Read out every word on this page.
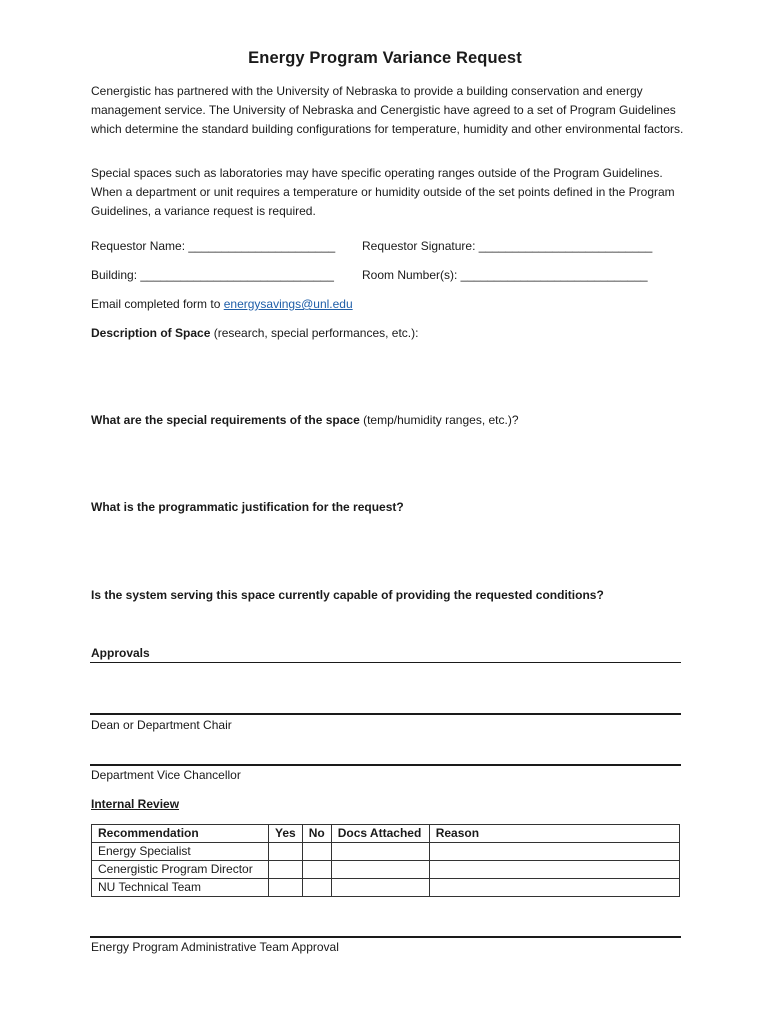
Energy Program Variance Request

Cenergistic has partnered with the University of Nebraska to provide a building conservation and energy management service. The University of Nebraska and Cenergistic have agreed to a set of Program Guidelines which determine the standard building configurations for temperature, humidity and other environmental factors.

Special spaces such as laboratories may have specific operating ranges outside of the Program Guidelines. When a department or unit requires a temperature or humidity outside of the set points defined in the Program Guidelines, a variance request is required.

Requestor Name: ______________________ Requestor Signature: __________________________
Building: _____________________________ Room Number(s): ____________________________
Email completed form to energysavings@unl.edu
Description of Space (research, special performances, etc.):
What are the special requirements of the space (temp/humidity ranges, etc.)?
What is the programmatic justification for the request?
Is the system serving this space currently capable of providing the requested conditions?
Approvals
Dean or Department Chair
Department Vice Chancellor
Internal Review
Recommendation	Yes	No	Docs Attached	Reason
Energy Specialist				
Cenergistic Program Director				
NU Technical Team				
Energy Program Administrative Team Approval
